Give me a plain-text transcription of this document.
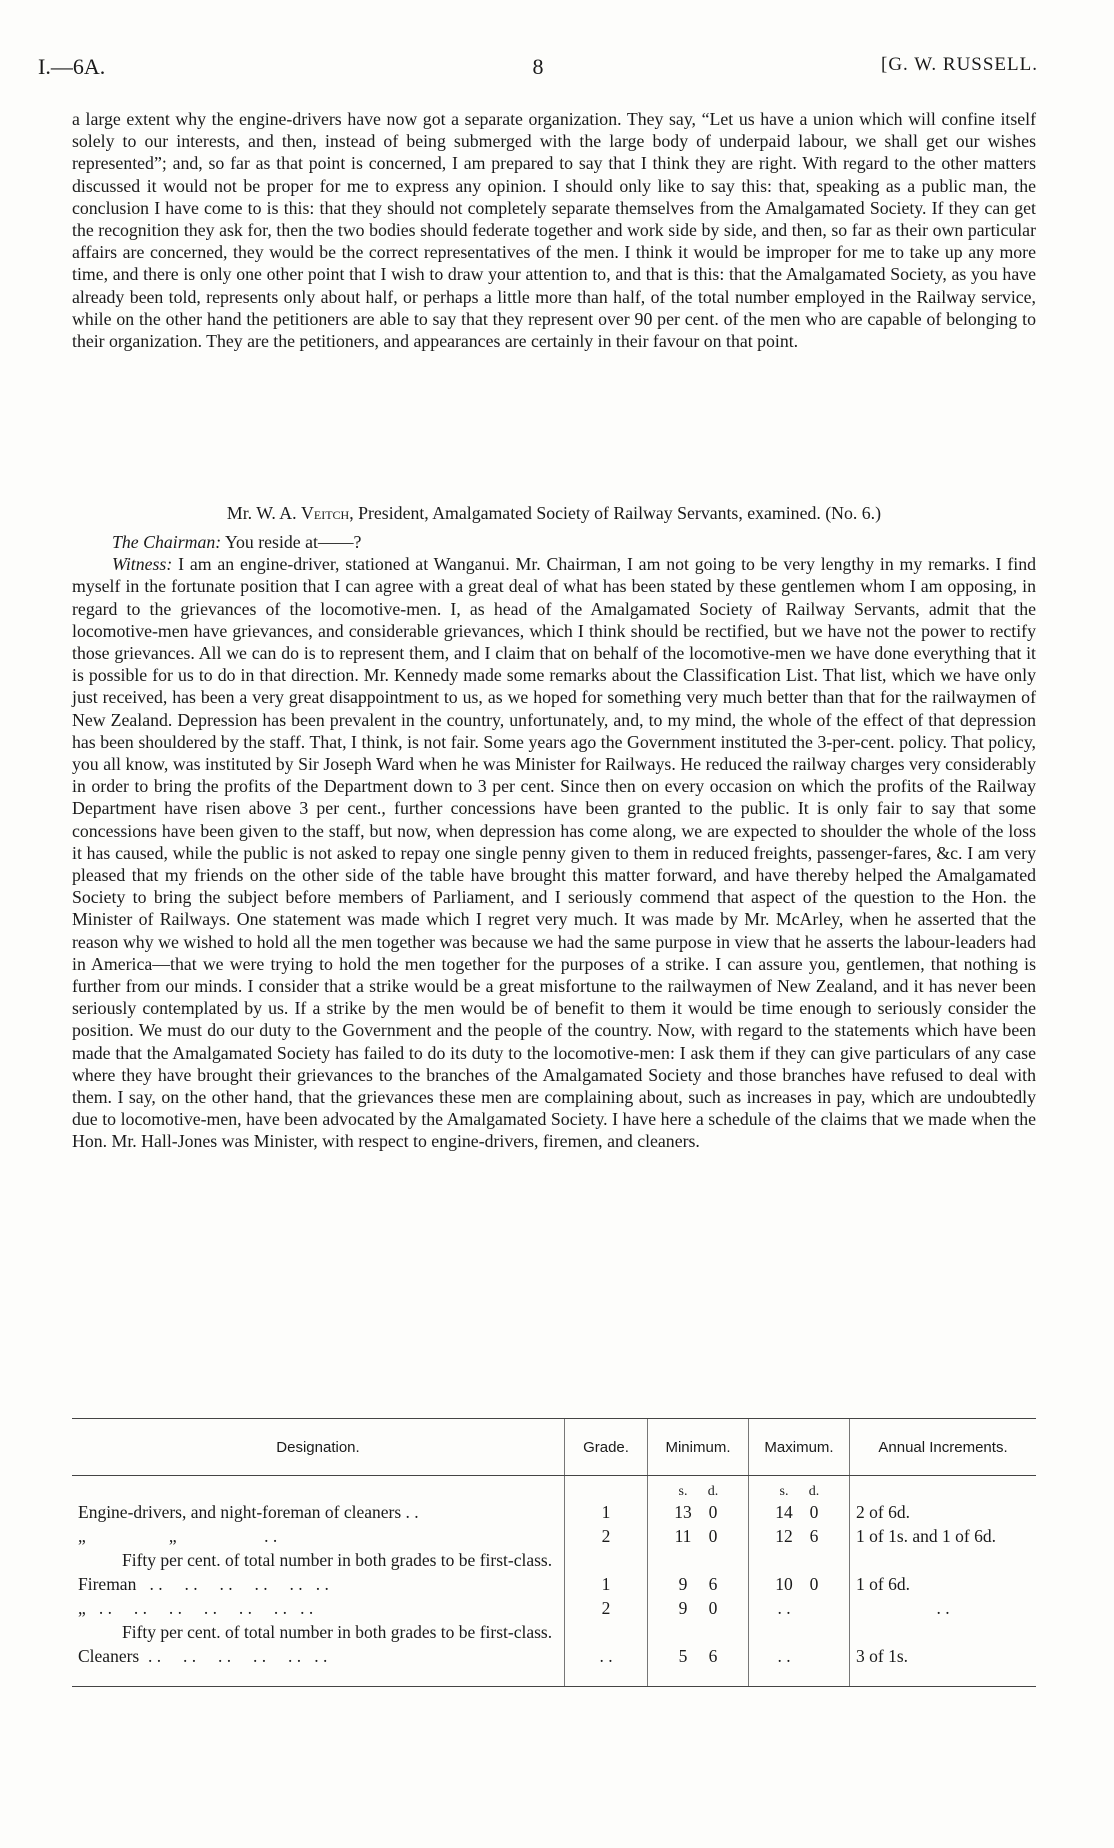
I.—6A.	8	[G. W. RUSSELL.

a large extent why the engine-drivers have now got a separate organization. They say, “Let us have a union which will confine itself solely to our interests, and then, instead of being submerged with the large body of underpaid labour, we shall get our wishes represented”; and, so far as that point is concerned, I am prepared to say that I think they are right. With regard to the other matters discussed it would not be proper for me to express any opinion. I should only like to say this: that, speaking as a public man, the conclusion I have come to is this: that they should not completely separate themselves from the Amalgamated Society. If they can get the recognition they ask for, then the two bodies should federate together and work side by side, and then, so far as their own particular affairs are concerned, they would be the correct representatives of the men. I think it would be improper for me to take up any more time, and there is only one other point that I wish to draw your attention to, and that is this: that the Amalgamated Society, as you have already been told, represents only about half, or perhaps a little more than half, of the total number employed in the Railway service, while on the other hand the petitioners are able to say that they represent over 90 per cent. of the men who are capable of belonging to their organization. They are the petitioners, and appearances are certainly in their favour on that point.

Mr. W. A. Veitch, President, Amalgamated Society of Railway Servants, examined. (No. 6.)

The Chairman: You reside at——?

Witness: I am an engine-driver, stationed at Wanganui. Mr. Chairman, I am not going to be very lengthy in my remarks. I find myself in the fortunate position that I can agree with a great deal of what has been stated by these gentlemen whom I am opposing, in regard to the grievances of the locomotive-men. I, as head of the Amalgamated Society of Railway Servants, admit that the locomotive-men have grievances, and considerable grievances, which I think should be rectified, but we have not the power to rectify those grievances. All we can do is to represent them, and I claim that on behalf of the locomotive-men we have done everything that it is possible for us to do in that direction. Mr. Kennedy made some remarks about the Classification List. That list, which we have only just received, has been a very great disappointment to us, as we hoped for something very much better than that for the railwaymen of New Zealand. Depression has been prevalent in the country, unfortunately, and, to my mind, the whole of the effect of that depression has been shouldered by the staff. That, I think, is not fair. Some years ago the Government instituted the 3-per-cent. policy. That policy, you all know, was instituted by Sir Joseph Ward when he was Minister for Railways. He reduced the railway charges very considerably in order to bring the profits of the Department down to 3 per cent. Since then on every occasion on which the profits of the Railway Department have risen above 3 per cent., further concessions have been granted to the public. It is only fair to say that some concessions have been given to the staff, but now, when depression has come along, we are expected to shoulder the whole of the loss it has caused, while the public is not asked to repay one single penny given to them in reduced freights, passenger-fares, &c. I am very pleased that my friends on the other side of the table have brought this matter forward, and have thereby helped the Amalgamated Society to bring the subject before members of Parliament, and I seriously commend that aspect of the question to the Hon. the Minister of Railways. One statement was made which I regret very much. It was made by Mr. McArley, when he asserted that the reason why we wished to hold all the men together was because we had the same purpose in view that he asserts the labour-leaders had in America—that we were trying to hold the men together for the purposes of a strike. I can assure you, gentlemen, that nothing is further from our minds. I consider that a strike would be a great misfortune to the railwaymen of New Zealand, and it has never been seriously contemplated by us. If a strike by the men would be of benefit to them it would be time enough to seriously consider the position. We must do our duty to the Government and the people of the country. Now, with regard to the statements which have been made that the Amalgamated Society has failed to do its duty to the locomotive-men: I ask them if they can give particulars of any case where they have brought their grievances to the branches of the Amalgamated Society and those branches have refused to deal with them. I say, on the other hand, that the grievances these men are complaining about, such as increases in pay, which are undoubtedly due to locomotive-men, have been advocated by the Amalgamated Society. I have here a schedule of the claims that we made when the Hon. Mr. Hall-Jones was Minister, with respect to engine-drivers, firemen, and cleaners.

Designation.	Grade.	Minimum.	Maximum.	Annual Increments.
		s. d.	s. d.	
Engine-drivers, and night-foreman of cleaners . .	1	13 0	14 0	2 of 6d.
„                   „                    . .	2	11 0	12 6	1 of 1s. and 1 of 6d.

Fifty per cent. of total number in both grades to be first-class.				

Fireman   . .     . .     . .     . .     . .   . .	1	9 6	10 0	1 of 6d.
„   . .     . .     . .     . .     . .     . .   . .	2	9 0	. .	. .

Fifty per cent. of total number in both grades to be first-class.				

Cleaners  . .     . .     . .     . .     . .   . .	. .	5 6	. .	3 of 1s.
